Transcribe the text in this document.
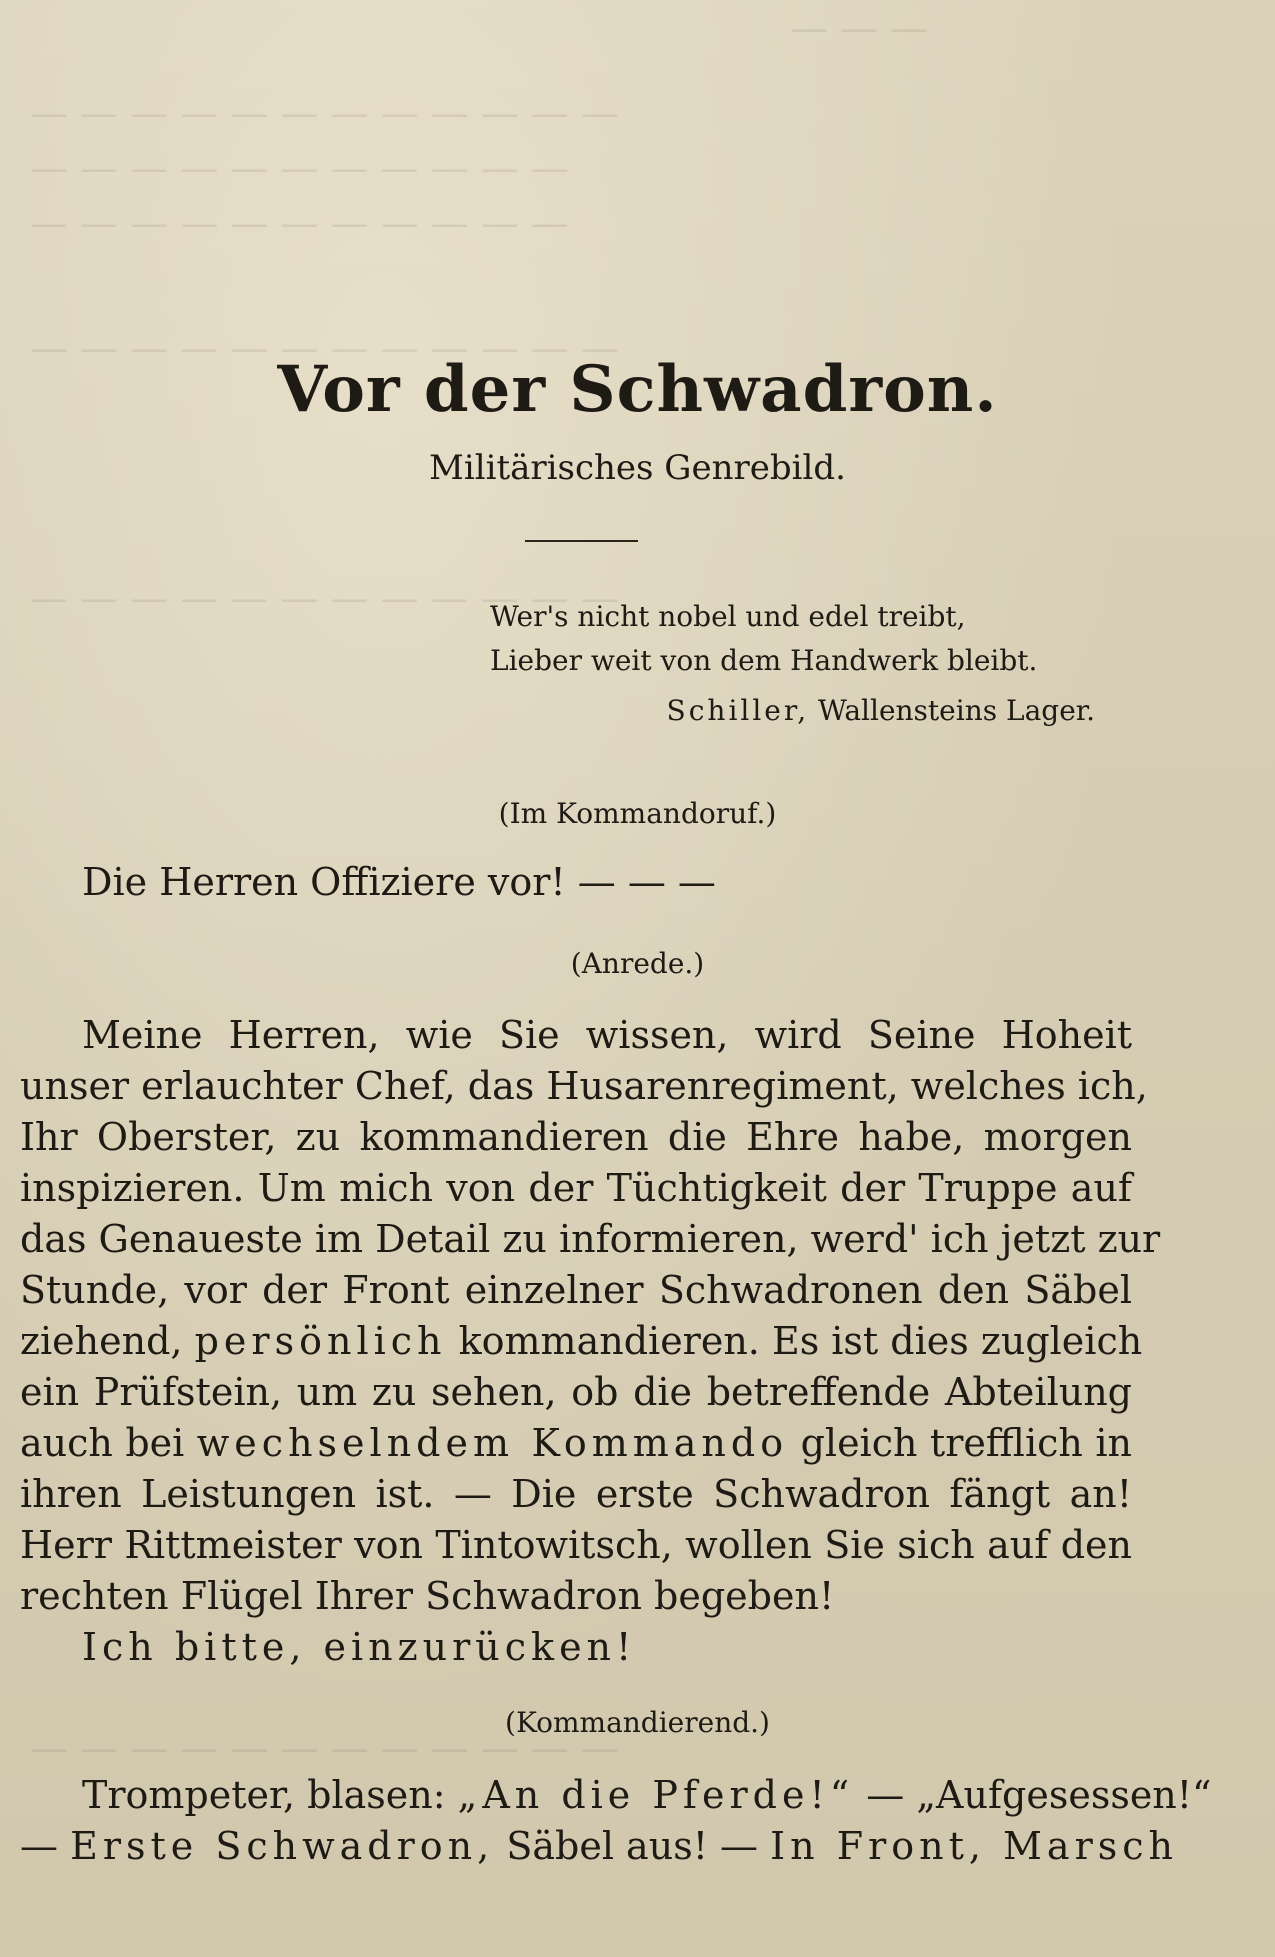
— — —
— — — — — — — — — — — —
— — — — — — — — — — —
— — — — — — — — — — —
— — — — — — — — — — — —
— — — — — — — — — — — —
— — — — — — — — — — — —
Vor der Schwadron.

Militärisches Genrebild.

Wer's nicht nobel und edel treibt,
Lieber weit von dem Handwerk bleibt.
Schiller, Wallensteins Lager.

(Im Kommandoruf.)

Die Herren Offiziere vor! — — —

(Anrede.)

Meine Herren, wie Sie wissen, wird Seine Hoheit
unser erlauchter Chef, das Husarenregiment, welches ich,
Ihr Oberster, zu kommandieren die Ehre habe, morgen
inspizieren. Um mich von der Tüchtigkeit der Truppe auf
das Genaueste im Detail zu informieren, werd' ich jetzt zur
Stunde, vor der Front einzelner Schwadronen den Säbel
ziehend, persönlich kommandieren. Es ist dies zugleich
ein Prüfstein, um zu sehen, ob die betreffende Abteilung
auch bei wechselndem Kommando gleich trefflich in
ihren Leistungen ist. — Die erste Schwadron fängt an!
Herr Rittmeister von Tintowitsch, wollen Sie sich auf den
rechten Flügel Ihrer Schwadron begeben!
Ich bitte, einzurücken!

(Kommandierend.)

Trompeter, blasen: „An die Pferde!“ — „Aufgesessen!“
— Erste Schwadron, Säbel aus! — In Front, Marsch
